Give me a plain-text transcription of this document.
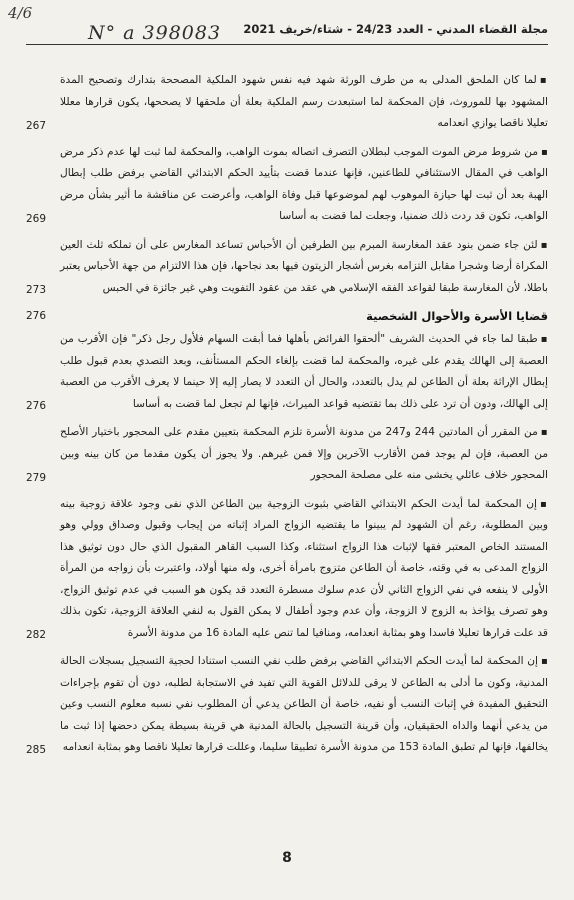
4/6
N° a 398083	مجلة القضاء المدني - العدد 24/23 - شتاء/خريف 2021
267
▪لما كان الملحق المدلى به من طرف الورثة شهد فيه نفس شهود الملكية المصححة بتدارك وتصحيح المدة المشهود بها للموروث، فإن المحكمة لما استبعدت رسم الملكية بعلة أن ملحقها لا يصححها، يكون قرارها معللا تعليلا ناقصا يوازي انعدامه
269
▪من شروط مرض الموت الموجب لبطلان التصرف اتصاله بموت الواهب، والمحكمة لما ثبت لها عدم ذكر مرض الواهب في المقال الاستئنافي للطاعنين، فإنها عندما قضت بتأييد الحكم الابتدائي القاضي برفض طلب إبطال الهبة بعد أن ثبت لها حيازة الموهوب لهم لموضوعها قبل وفاة الواهب، وأعرضت عن مناقشة ما أثير بشأن مرض الواهب، تكون قد ردت ذلك ضمنيا، وجعلت لما قضت به أساسا
273
▪لئن جاء ضمن بنود عقد المغارسة المبرم بين الطرفين أن الأحباس تساعد المغارس على أن تملكه ثلث العين المكراة أرضا وشجرا مقابل التزامه بغرس أشجار الزيتون فيها بعد نجاحها، فإن هذا الالتزام من جهة الأحباس يعتبر باطلا، لأن المغارسة طبقا لقواعد الفقه الإسلامي هي عقد من عقود التفويت وهي غير جائزة في الحبس
276	قضايا الأسرة والأحوال الشخصية
276
▪طبقا لما جاء في الحديث الشريف "ألحقوا الفرائض بأهلها فما أبقت السهام فلأول رجل ذكر" فإن الأقرب من العصبة إلى الهالك يقدم على غيره، والمحكمة لما قضت بإلغاء الحكم المستأنف، وبعد التصدي بعدم قبول طلب إبطال الإراثة بعلة أن الطاعن لم يدل بالتعدد، والحال أن التعدد لا يصار إليه إلا حينما لا يعرف الأقرب من العصبة إلى الهالك، ودون أن ترد على ذلك بما تقتضيه قواعد الميراث، فإنها لم تجعل لما قضت به أساسا
279
▪من المقرر أن المادتين 244 و247 من مدونة الأسرة تلزم المحكمة بتعيين مقدم على المحجور باختيار الأصلح من العصبة، فإن لم يوجد فمن الأقارب الآخرين وإلا فمن غيرهم. ولا يجوز أن يكون مقدما من كان بينه وبين المحجور خلاف عائلي يخشى منه على مصلحة المحجور
282
▪إن المحكمة لما أيدت الحكم الابتدائي القاضي بثبوت الزوجية بين الطاعن الذي نفى وجود علاقة زوجية بينه وبين المطلوبة، رغم أن الشهود لم يبينوا ما يقتضيه الزواج المراد إثباته من إيجاب وقبول وصداق وولي وهو المستند الخاص المعتبر فقها لإثبات هذا الزواج استثناء، وكذا السبب القاهر المقبول الذي حال دون توثيق هذا الزواج المدعى به في وقته، خاصة أن الطاعن متزوج بامرأة أخرى، وله منها أولاد، واعتبرت بأن زواجه من المرأة الأولى لا ينفعه في نفي الزواج الثاني لأن عدم سلوك مسطرة التعدد قد يكون هو السبب في عدم توثيق الزواج، وهو تصرف يؤاخذ به الزوج لا الزوجة، وأن عدم وجود أطفال لا يمكن القول به لنفي العلاقة الزوجية، تكون بذلك قد علت قرارها تعليلا فاسدا وهو بمثابة انعدامه، ومنافيا لما تنص عليه المادة 16 من مدونة الأسرة
285
▪إن المحكمة لما أيدت الحكم الابتدائي القاضي برفض طلب نفي النسب استنادا لحجية التسجيل بسجلات الحالة المدنية، وكون ما أدلى به الطاعن لا يرقى للدلائل القوية التي تفيد في الاستجابة لطلبه، دون أن تقوم بإجراءات التحقيق المفيدة في إثبات النسب أو نفيه، خاصة أن الطاعن يدعي أن المطلوب نفي نسبه معلوم النسب وعين من يدعي أنهما والداه الحقيقيان، وأن قرينة التسجيل بالحالة المدنية هي قرينة بسيطة يمكن دحضها إذا ثبت ما يخالفها، فإنها لم تطبق المادة 153 من مدونة الأسرة تطبيقا سليما، وعللت قرارها تعليلا ناقصا وهو بمثابة انعدامه
8
